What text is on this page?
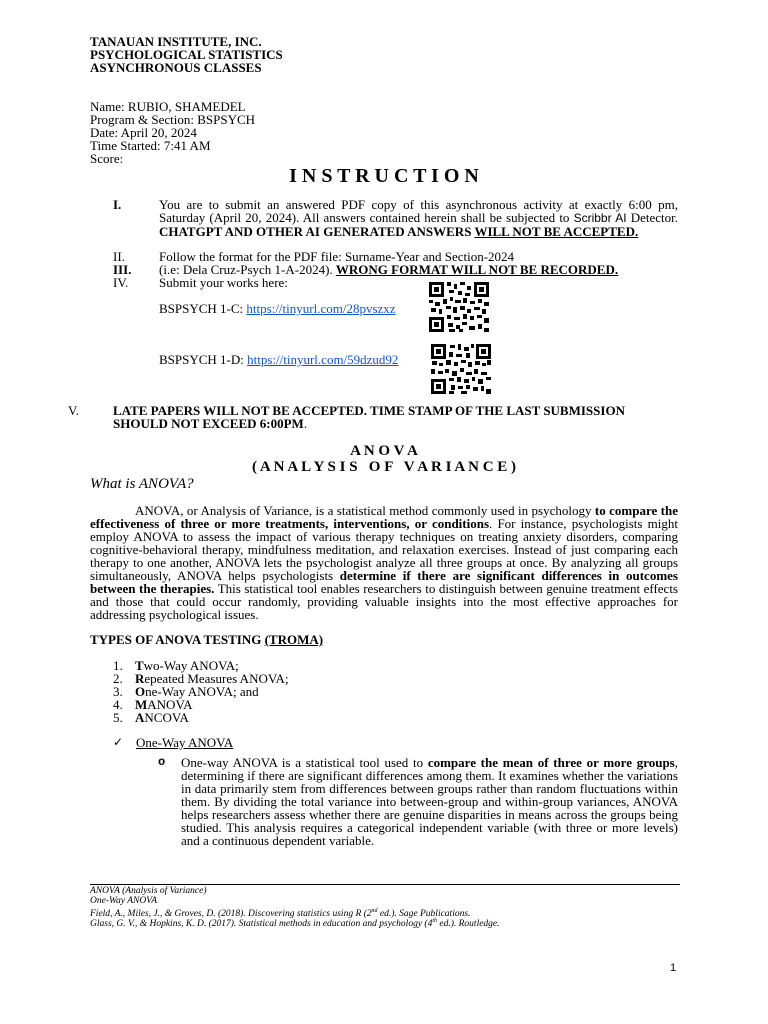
TANAUAN INSTITUTE, INC.
PSYCHOLOGICAL STATISTICS
ASYNCHRONOUS CLASSES
Name: RUBIO, SHAMEDEL
Program & Section: BSPSYCH
Date: April 20, 2024
Time Started: 7:41 AM
Score:
I N S T R U C T I O N
I.	You are to submit an answered PDF copy of this asynchronous activity at exactly 6:00 pm, Saturday (April 20, 2024). All answers contained herein shall be subjected to Scribbr AI Detector. CHATGPT AND OTHER AI GENERATED ANSWERS WILL NOT BE ACCEPTED.
II.	Follow the format for the PDF file: Surname-Year and Section-2024
III. (i.e: Dela Cruz-Psych 1-A-2024). WRONG FORMAT WILL NOT BE RECORDED.
IV. Submit your works here:
BSPSYCH 1-C: https://tinyurl.com/28pvszxz
BSPSYCH 1-D: https://tinyurl.com/59dzud92
V.	LATE PAPERS WILL NOT BE ACCEPTED. TIME STAMP OF THE LAST SUBMISSION SHOULD NOT EXCEED 6:00PM.
A N O V A
( A N A L Y S I S   O F   V A R I A N C E )
What is ANOVA?
ANOVA, or Analysis of Variance, is a statistical method commonly used in psychology to compare the effectiveness of three or more treatments, interventions, or conditions. For instance, psychologists might employ ANOVA to assess the impact of various therapy techniques on treating anxiety disorders, comparing cognitive-behavioral therapy, mindfulness meditation, and relaxation exercises. Instead of just comparing each therapy to one another, ANOVA lets the psychologist analyze all three groups at once. By analyzing all groups simultaneously, ANOVA helps psychologists determine if there are significant differences in outcomes between the therapies. This statistical tool enables researchers to distinguish between genuine treatment effects and those that could occur randomly, providing valuable insights into the most effective approaches for addressing psychological issues.
TYPES OF ANOVA TESTING (TROMA)
1. Two-Way ANOVA;
2. Repeated Measures ANOVA;
3. One-Way ANOVA; and
4. MANOVA
5. ANCOVA
✓ One-Way ANOVA
o One-way ANOVA is a statistical tool used to compare the mean of three or more groups, determining if there are significant differences among them. It examines whether the variations in data primarily stem from differences between groups rather than random fluctuations within them. By dividing the total variance into between-group and within-group variances, ANOVA helps researchers assess whether there are genuine disparities in means across the groups being studied. This analysis requires a categorical independent variable (with three or more levels) and a continuous dependent variable.
ANOVA (Analysis of Variance)
One-Way ANOVA
Field, A., Miles, J., & Groves, D. (2018). Discovering statistics using R (2nd ed.). Sage Publications.
Glass, G. V., & Hopkins, K. D. (2017). Statistical methods in education and psychology (4th ed.). Routledge.
1
